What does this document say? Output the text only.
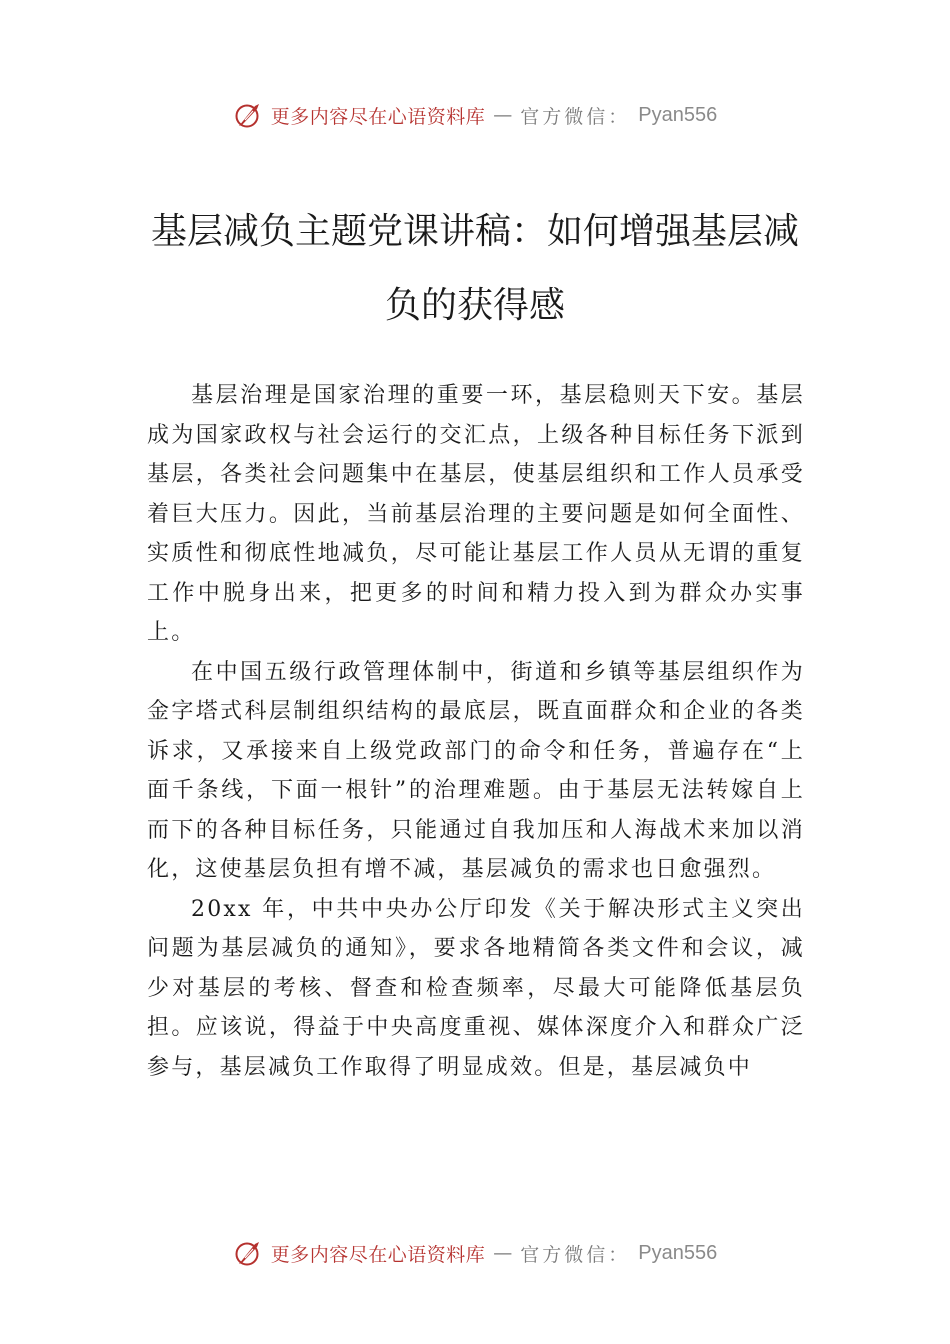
更多内容尽在心语资料库 — 官方微信： Pyan556
基层减负主题党课讲稿：如何增强基层减
负的获得感

基层治理是国家治理的重要一环，基层稳则天下安。基层成为国家政权与社会运行的交汇点，上级各种目标任务下派到基层，各类社会问题集中在基层，使基层组织和工作人员承受着巨大压力。因此，当前基层治理的主要问题是如何全面性、实质性和彻底性地减负，尽可能让基层工作人员从无谓的重复工作中脱身出来，把更多的时间和精力投入到为群众办实事上。

在中国五级行政管理体制中，街道和乡镇等基层组织作为金字塔式科层制组织结构的最底层，既直面群众和企业的各类诉求，又承接来自上级党政部门的命令和任务，普遍存在“上面千条线，下面一根针”的治理难题。由于基层无法转嫁自上而下的各种目标任务，只能通过自我加压和人海战术来加以消化，这使基层负担有增不减，基层减负的需求也日愈强烈。

20xx 年，中共中央办公厅印发《关于解决形式主义突出问题为基层减负的通知》，要求各地精简各类文件和会议，减少对基层的考核、督查和检查频率，尽最大可能降低基层负担。应该说，得益于中央高度重视、媒体深度介入和群众广泛参与，基层减负工作取得了明显成效。但是，基层减负中

更多内容尽在心语资料库 — 官方微信： Pyan556
